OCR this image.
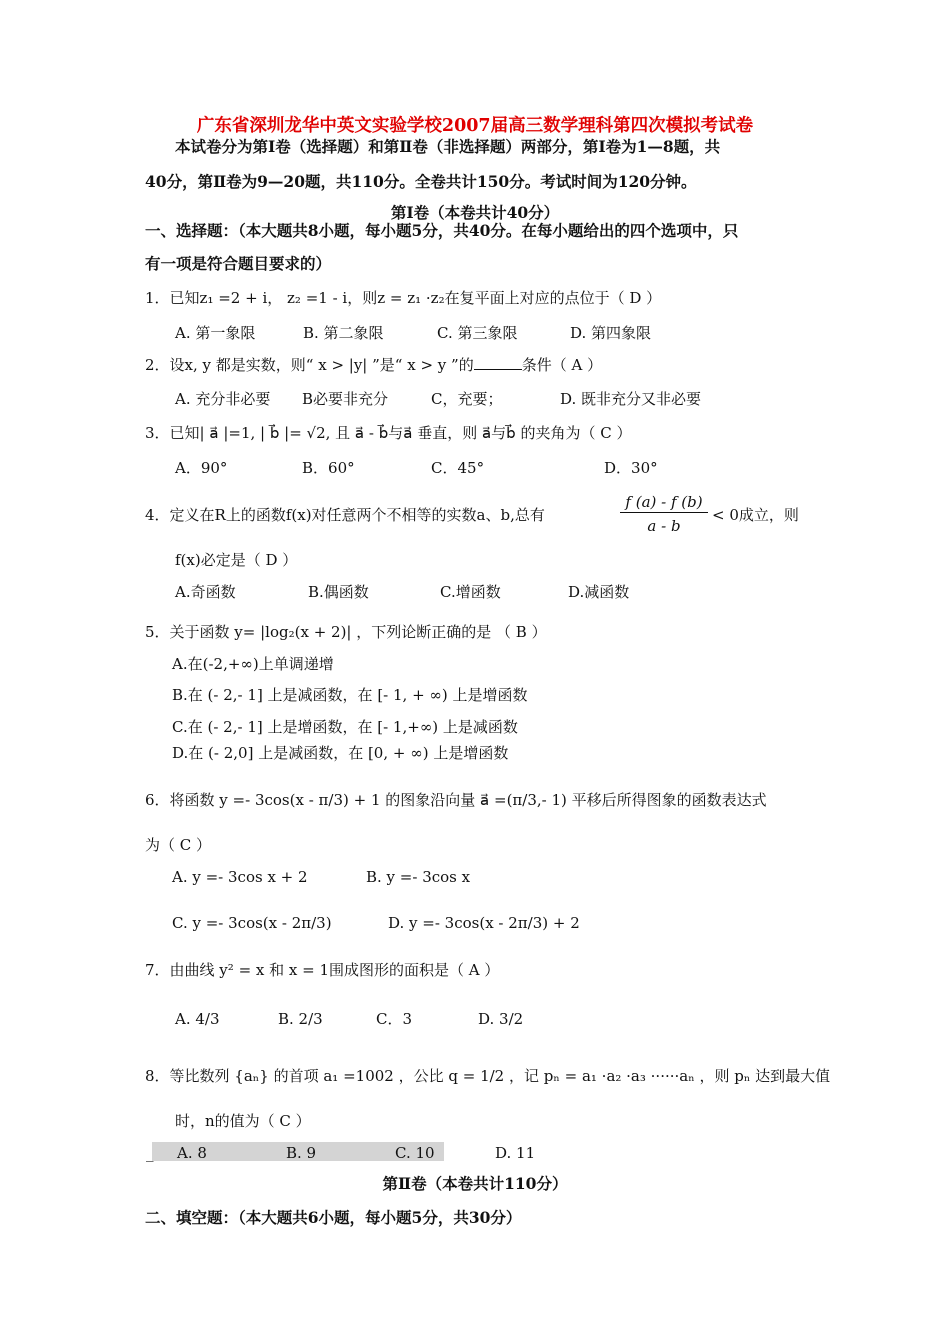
广东省深圳龙华中英文实验学校2007届高三数学理科第四次模拟考试卷
本试卷分为第Ⅰ卷（选择题）和第Ⅱ卷（非选择题）两部分，第Ⅰ卷为1—8题，共
40分，第Ⅱ卷为9—20题，共110分。全卷共计150分。考试时间为120分钟。
第Ⅰ卷（本卷共计40分）
一、选择题：（本大题共8小题，每小题5分，共40分。在每小题给出的四个选项中，只
有一项是符合题目要求的）
1．已知z₁ =2 + i， z₂ =1 - i，则z = z₁ ·z₂在复平面上对应的点位于（ D ）
A. 第一象限	B. 第二象限	C. 第三象限	D. 第四象限
2．设x, y 都是实数，则“ x > |y| ”是“ x > y ”的	条件（ A ）
A. 充分非必要 B必要非充分	C，充要；	D. 既非充分又非必要
3．已知| a⃗ |=1, | b⃗ |= √2, 且 a⃗ - b⃗与a⃗ 垂直，则 a⃗与b⃗ 的夹角为（ C ）
A．90°	B．60°	C．45°	D．30°
4．定义在R上的函数f(x)对任意两个不相等的实数a、b,总有
f (a) - f (b)
a - b
< 0成立，则
f(x)必定是（ D ）
A.奇函数	B.偶函数	C.增函数	D.减函数
5．关于函数 y= |log₂(x + 2)| ，下列论断正确的是 （ B ）
A.在(-2,+∞)上单调递增
B.在 (- 2,- 1] 上是减函数，在 [- 1, + ∞) 上是增函数
C.在 (- 2,- 1] 上是增函数，在 [- 1,+∞) 上是减函数
D.在 (- 2,0] 上是减函数，在 [0, + ∞) 上是增函数
6．将函数 y =- 3cos(x - π/3) + 1 的图象沿向量 a⃗ =(π/3,- 1) 平移后所得图象的函数表达式
为（ C ）
A. y =- 3cos x + 2	B. y =- 3cos x
C. y =- 3cos(x - 2π/3)	D. y =- 3cos(x - 2π/3) + 2
7．由曲线 y² = x 和 x = 1围成图形的面积是（ A ）
A. 4/3	B. 2/3	C．3	D. 3/2
8．等比数列 {aₙ} 的首项 a₁ =1002 ，公比 q = 1/2 ，记 pₙ = a₁ ·a₂ ·a₃ ······aₙ ，则 pₙ 达到最大值
时，n的值为（ C ）
_ A. 8	B. 9	C. 10	D. 11
第Ⅱ卷（本卷共计110分）
二、填空题：（本大题共6小题，每小题5分，共30分）
